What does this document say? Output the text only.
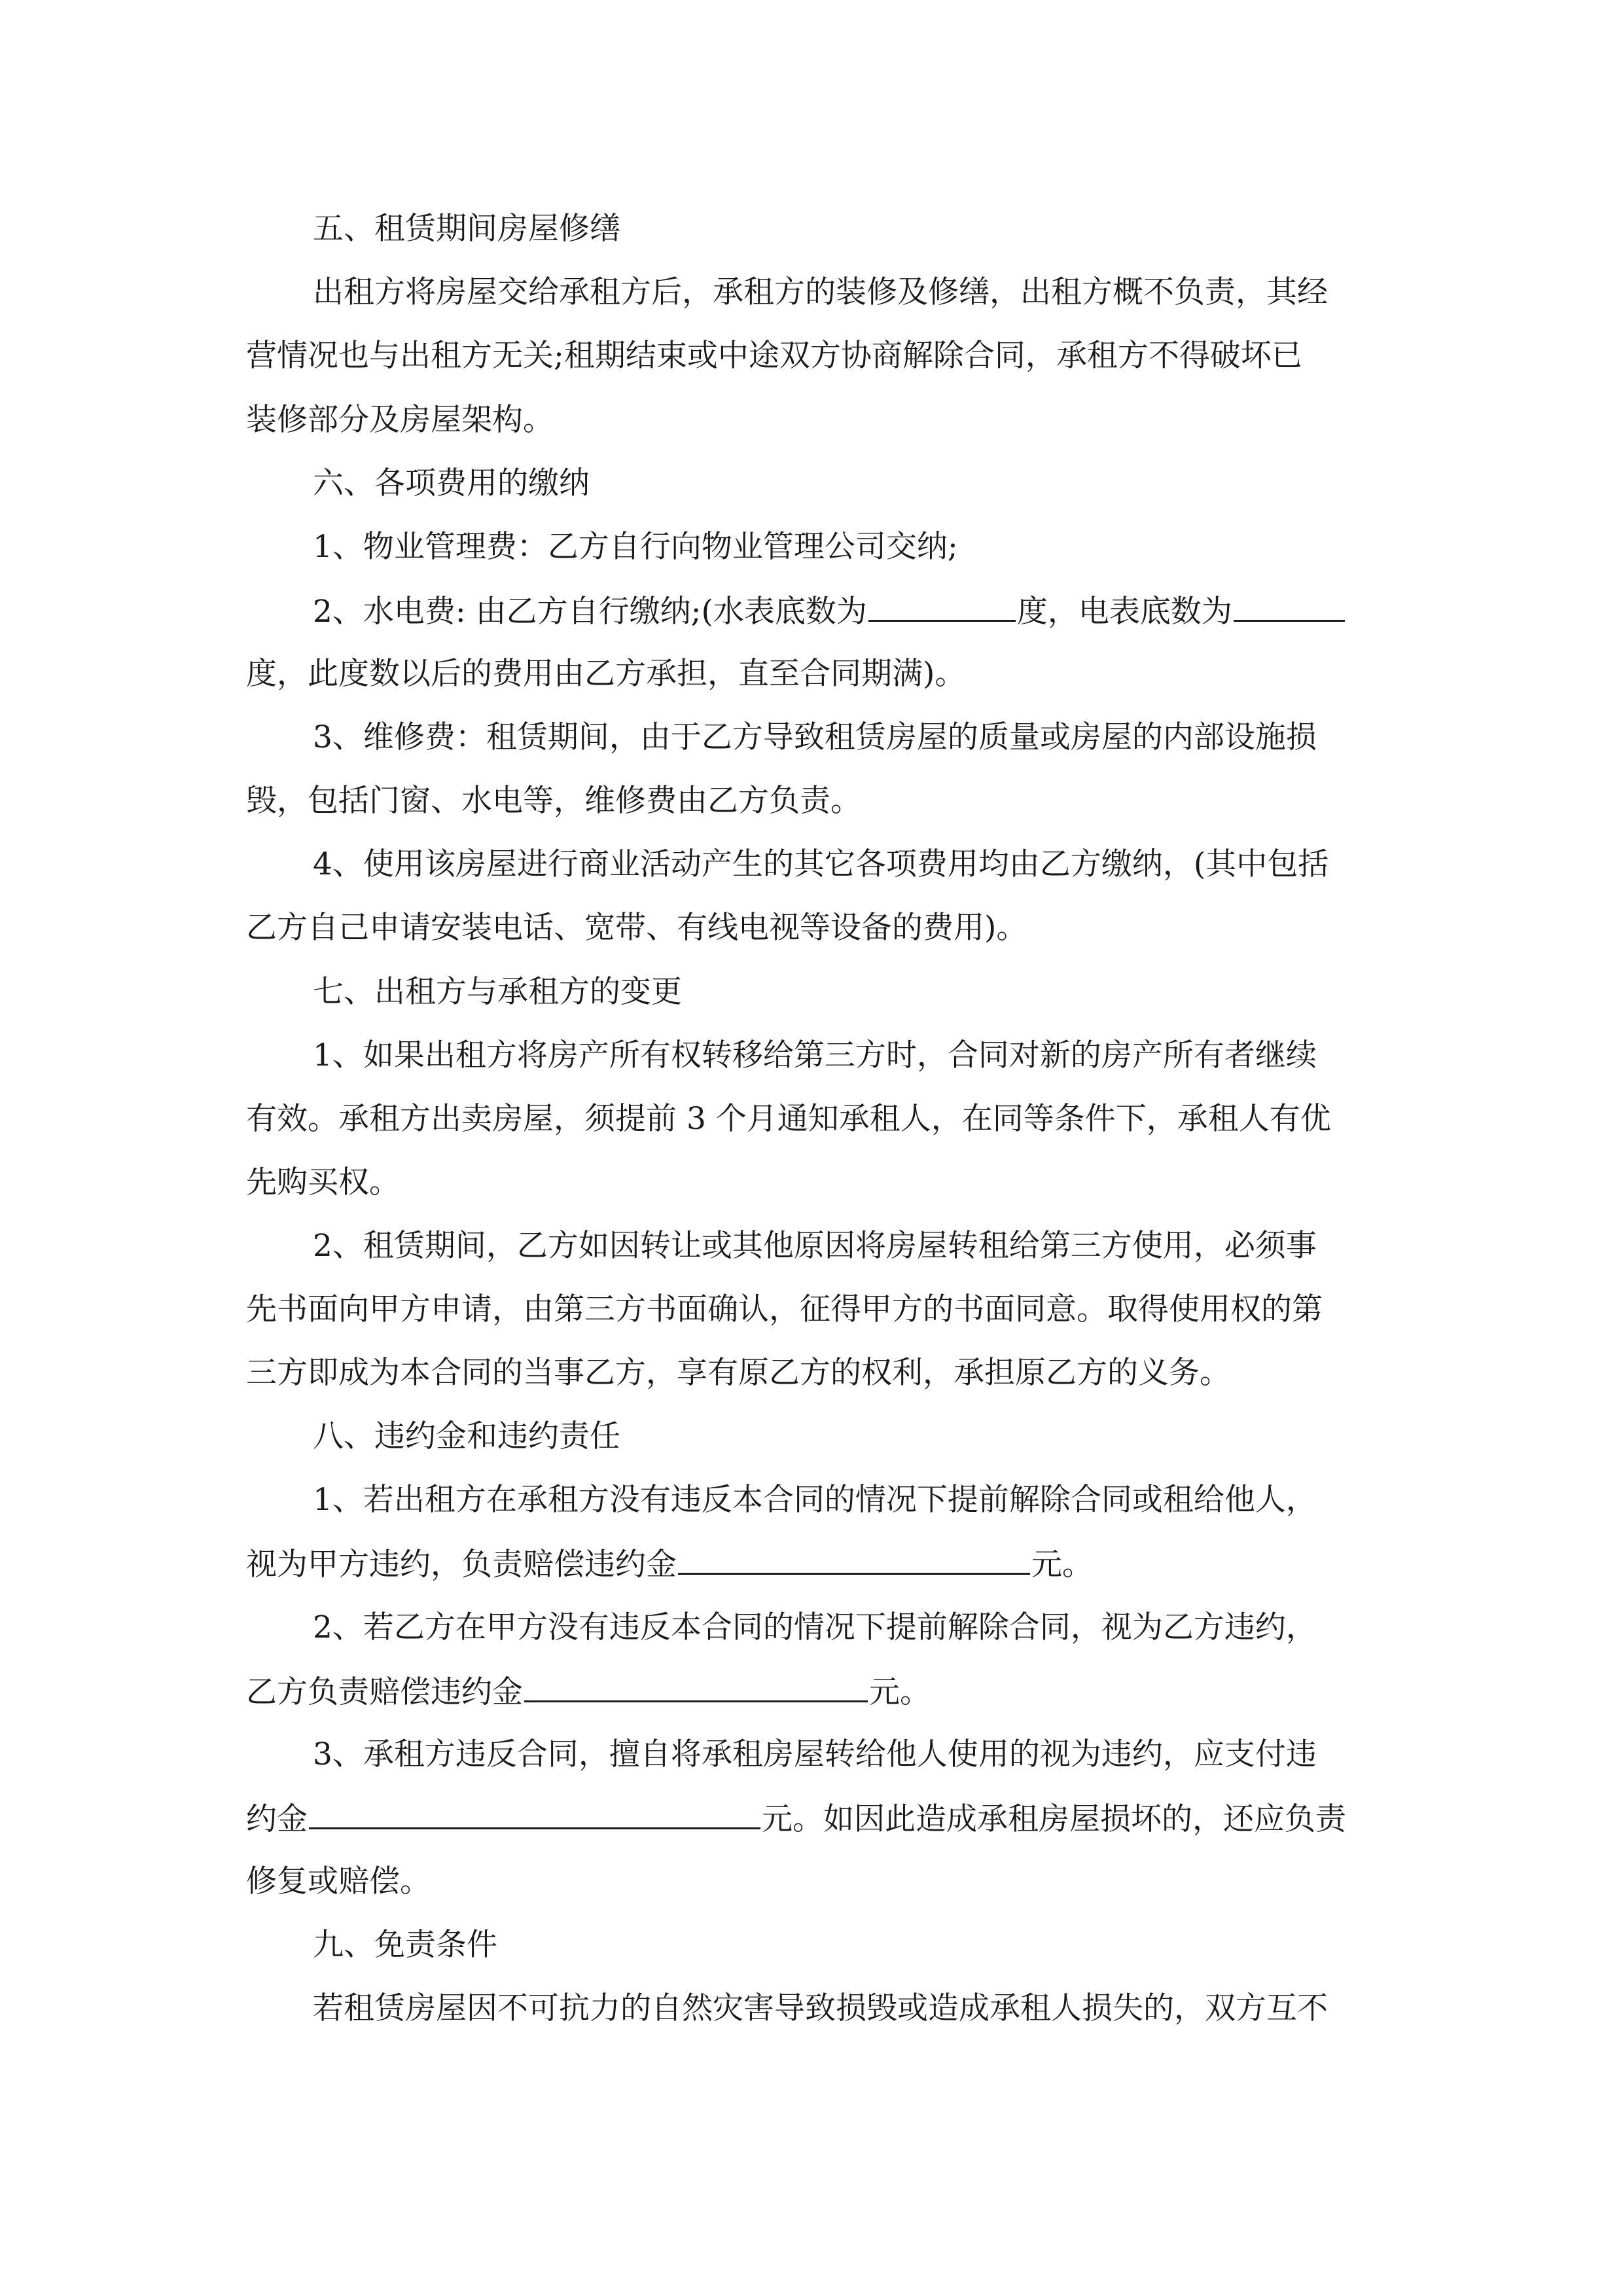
五、租赁期间房屋修缮
出租方将房屋交给承租方后，承租方的装修及修缮，出租方概不负责，其经
营情况也与出租方无关;租期结束或中途双方协商解除合同，承租方不得破坏已
装修部分及房屋架构。
六、各项费用的缴纳
1、物业管理费：乙方自行向物业管理公司交纳;
2、水电费: 由乙方自行缴纳;(水表底数为	度，电表底数为
度，此度数以后的费用由乙方承担，直至合同期满)。
3、维修费：租赁期间，由于乙方导致租赁房屋的质量或房屋的内部设施损
毁，包括门窗、水电等，维修费由乙方负责。
4、使用该房屋进行商业活动产生的其它各项费用均由乙方缴纳，(其中包括
乙方自己申请安装电话、宽带、有线电视等设备的费用)。
七、出租方与承租方的变更
1、如果出租方将房产所有权转移给第三方时，合同对新的房产所有者继续
有效。承租方出卖房屋，须提前 3 个月通知承租人，在同等条件下，承租人有优
先购买权。
2、租赁期间，乙方如因转让或其他原因将房屋转租给第三方使用，必须事
先书面向甲方申请，由第三方书面确认，征得甲方的书面同意。取得使用权的第
三方即成为本合同的当事乙方，享有原乙方的权利，承担原乙方的义务。
八、违约金和违约责任
1、若出租方在承租方没有违反本合同的情况下提前解除合同或租给他人，
视为甲方违约，负责赔偿违约金	元。
2、若乙方在甲方没有违反本合同的情况下提前解除合同，视为乙方违约，
乙方负责赔偿违约金	元。
3、承租方违反合同，擅自将承租房屋转给他人使用的视为违约，应支付违
约金	元。如因此造成承租房屋损坏的，还应负责
修复或赔偿。
九、免责条件
若租赁房屋因不可抗力的自然灾害导致损毁或造成承租人损失的，双方互不
